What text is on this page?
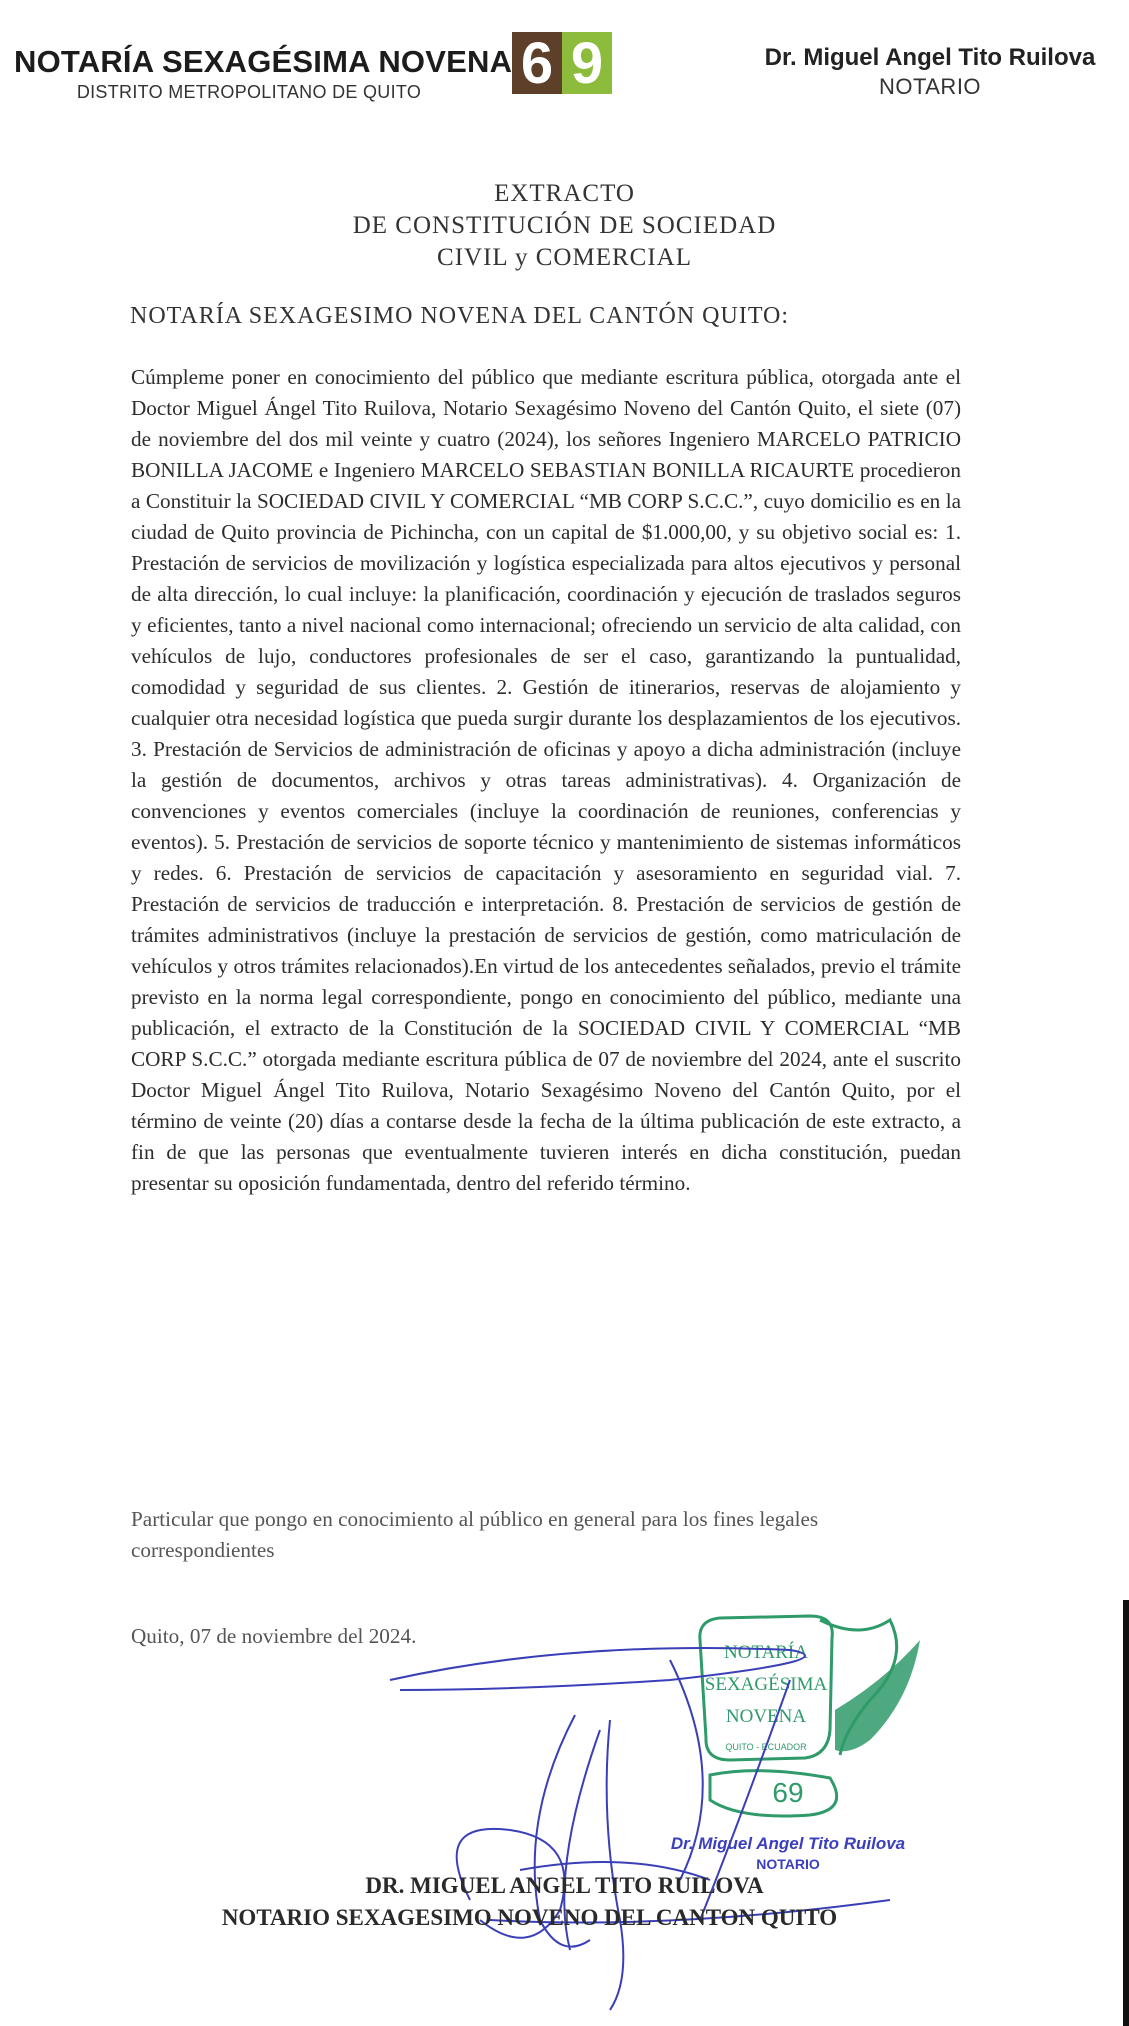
NOTARÍA SEXAGÉSIMA NOVENA
DISTRITO METROPOLITANO DE QUITO	6 9	Dr. Miguel Angel Tito Ruilova
NOTARIO
EXTRACTO
DE CONSTITUCIÓN DE SOCIEDAD
CIVIL y COMERCIAL
NOTARÍA SEXAGESIMO NOVENA DEL CANTÓN QUITO:

Cúmpleme poner en conocimiento del público que mediante escritura pública, otorgada ante el Doctor Miguel Ángel Tito Ruilova, Notario Sexagésimo Noveno del Cantón Quito, el siete (07) de noviembre del dos mil veinte y cuatro (2024), los señores Ingeniero MARCELO PATRICIO BONILLA JACOME e Ingeniero MARCELO SEBASTIAN BONILLA RICAURTE procedieron a Constituir la SOCIEDAD CIVIL Y COMERCIAL “MB CORP S.C.C.”, cuyo domicilio es en la ciudad de Quito provincia de Pichincha, con un capital de $1.000,00, y su objetivo social es: 1. Prestación de servicios de movilización y logística especializada para altos ejecutivos y personal de alta dirección, lo cual incluye: la planificación, coordinación y ejecución de traslados seguros y eficientes, tanto a nivel nacional como internacional; ofreciendo un servicio de alta calidad, con vehículos de lujo, conductores profesionales de ser el caso, garantizando la puntualidad, comodidad y seguridad de sus clientes. 2. Gestión de itinerarios, reservas de alojamiento y cualquier otra necesidad logística que pueda surgir durante los desplazamientos de los ejecutivos. 3. Prestación de Servicios de administración de oficinas y apoyo a dicha administración (incluye la gestión de documentos, archivos y otras tareas administrativas). 4. Organización de convenciones y eventos comerciales (incluye la coordinación de reuniones, conferencias y eventos). 5. Prestación de servicios de soporte técnico y mantenimiento de sistemas informáticos y redes. 6. Prestación de servicios de capacitación y asesoramiento en seguridad vial. 7. Prestación de servicios de traducción e interpretación. 8. Prestación de servicios de gestión de trámites administrativos (incluye la prestación de servicios de gestión, como matriculación de vehículos y otros trámites relacionados).En virtud de los antecedentes señalados, previo el trámite previsto en la norma legal correspondiente, pongo en conocimiento del público, mediante una publicación, el extracto de la Constitución de la SOCIEDAD CIVIL Y COMERCIAL “MB CORP S.C.C.” otorgada mediante escritura pública de 07 de noviembre del 2024, ante el suscrito Doctor Miguel Ángel Tito Ruilova, Notario Sexagésimo Noveno del Cantón Quito, por el término de veinte (20) días a contarse desde la fecha de la última publicación de este extracto, a fin de que las personas que eventualmente tuvieren interés en dicha constitución, puedan presentar su oposición fundamentada, dentro del referido término.

Particular que pongo en conocimiento al público en general para los fines legales correspondientes
Quito, 07 de noviembre del 2024.
NOTARÍA
SEXAGÉSIMA
NOVENA
QUITO - ECUADOR
69
Dr. Miguel Angel Tito Ruilova
NOTARIO
DR. MIGUEL ANGEL TITO RUILOVA
NOTARIO SEXAGESIMO NOVENO DEL CANTON QUITO
